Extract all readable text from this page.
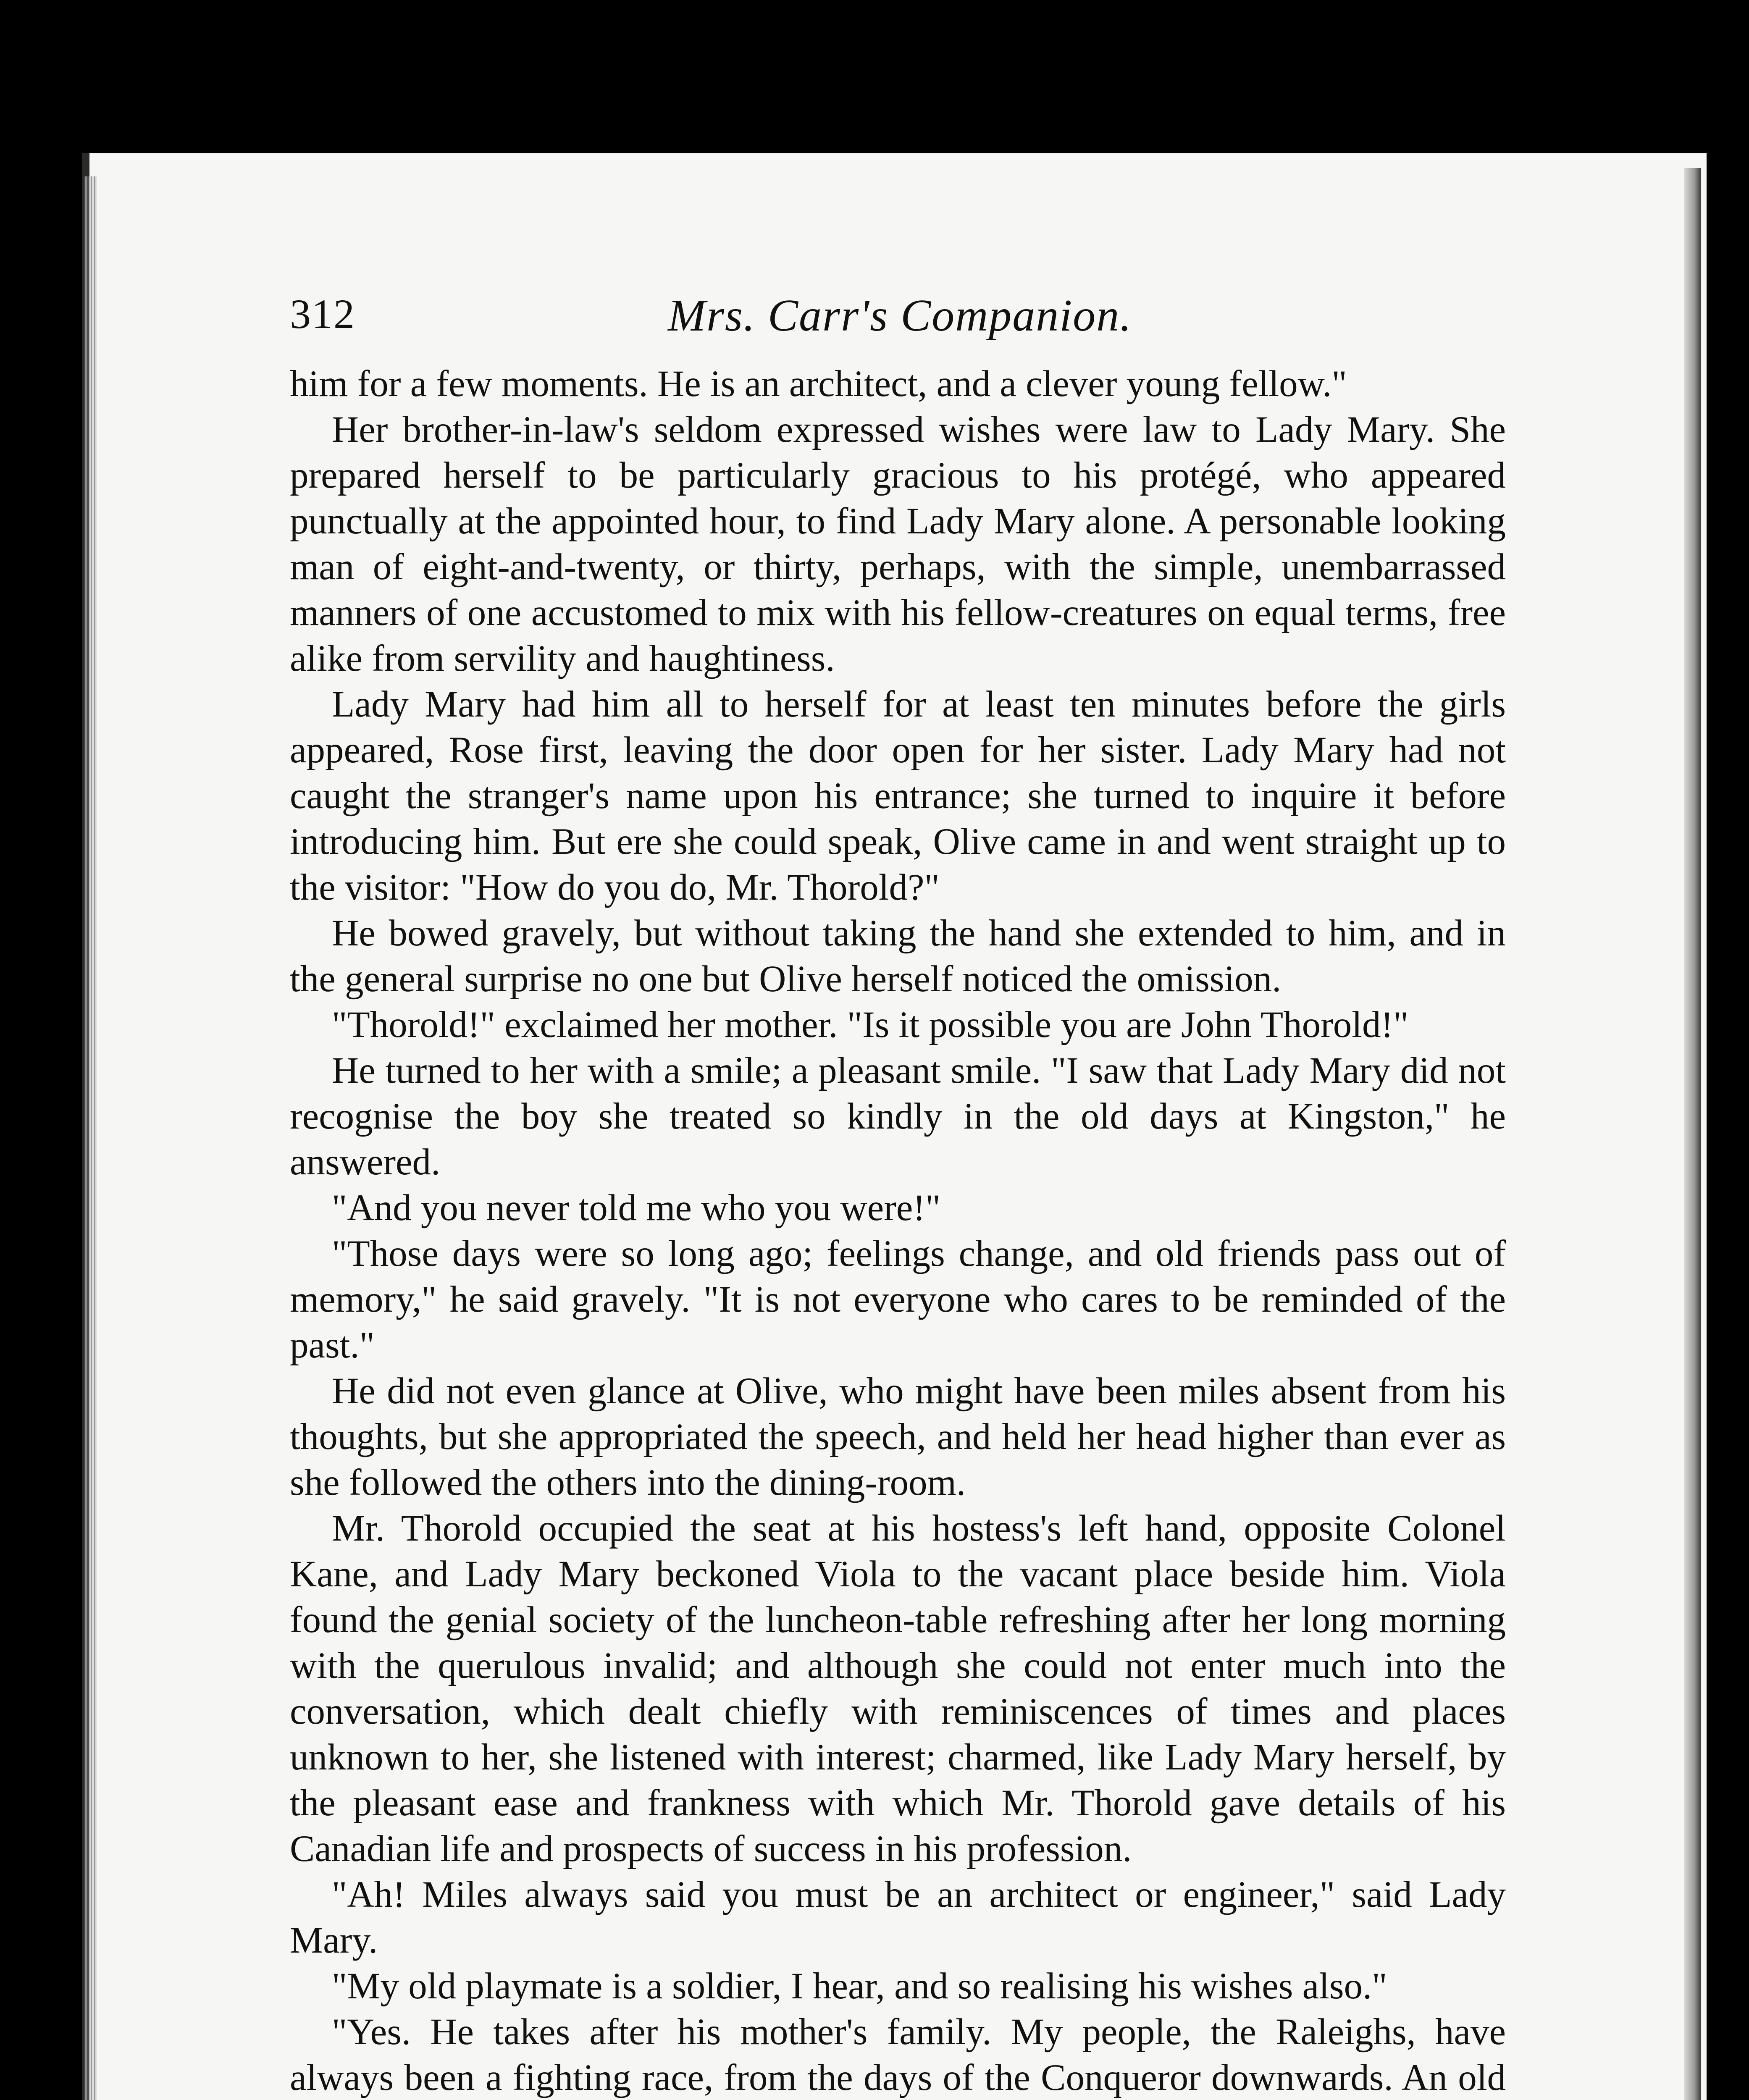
312	Mrs. Carr's Companion.

him for a few moments. He is an architect, and a clever young fellow."

Her brother-in-law's seldom expressed wishes were law to Lady Mary. She prepared herself to be particularly gracious to his protégé, who appeared punctually at the appointed hour, to find Lady Mary alone. A personable looking man of eight-and-twenty, or thirty, perhaps, with the simple, unembarrassed manners of one accustomed to mix with his fellow-creatures on equal terms, free alike from servility and haughtiness.

Lady Mary had him all to herself for at least ten minutes before the girls appeared, Rose first, leaving the door open for her sister. Lady Mary had not caught the stranger's name upon his entrance; she turned to inquire it before introducing him. But ere she could speak, Olive came in and went straight up to the visitor: "How do you do, Mr. Thorold?"

He bowed gravely, but without taking the hand she extended to him, and in the general surprise no one but Olive herself noticed the omission.

"Thorold!" exclaimed her mother. "Is it possible you are John Thorold!"

He turned to her with a smile; a pleasant smile. "I saw that Lady Mary did not recognise the boy she treated so kindly in the old days at Kingston," he answered.

"And you never told me who you were!"

"Those days were so long ago; feelings change, and old friends pass out of memory," he said gravely. "It is not everyone who cares to be reminded of the past."

He did not even glance at Olive, who might have been miles absent from his thoughts, but she appropriated the speech, and held her head higher than ever as she followed the others into the dining-room.

Mr. Thorold occupied the seat at his hostess's left hand, opposite Colonel Kane, and Lady Mary beckoned Viola to the vacant place beside him. Viola found the genial society of the luncheon-table refreshing after her long morning with the querulous invalid; and although she could not enter much into the conversation, which dealt chiefly with reminiscences of times and places unknown to her, she listened with interest; charmed, like Lady Mary herself, by the pleasant ease and frankness with which Mr. Thorold gave details of his Canadian life and prospects of success in his profession.

"Ah! Miles always said you must be an architect or engineer," said Lady Mary.

"My old playmate is a soldier, I hear, and so realising his wishes also."

"Yes. He takes after his mother's family. My people, the Raleighs, have always been a fighting race, from the days of the Conqueror downwards. An old
